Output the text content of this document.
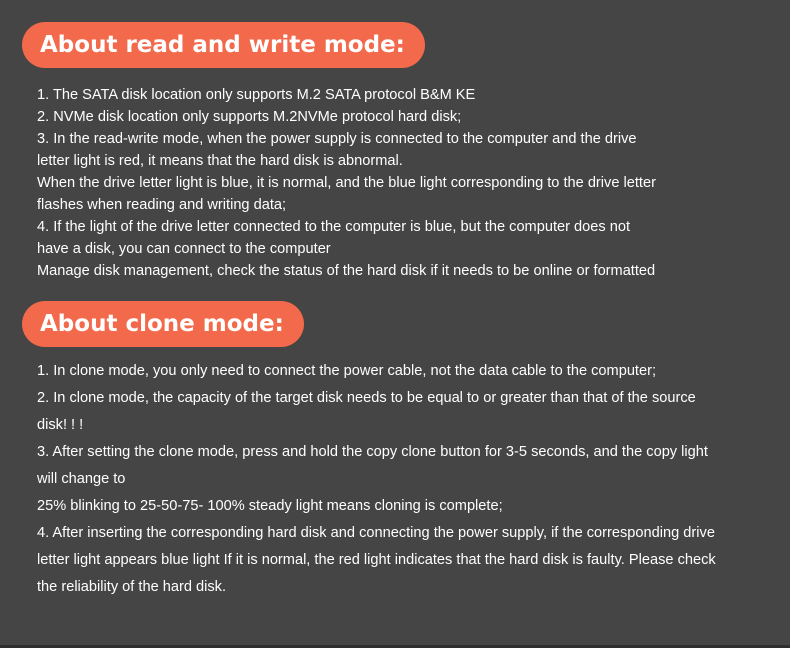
About read and write mode:
1. The SATA disk location only supports M.2 SATA protocol B&M KE
2. NVMe disk location only supports M.2NVMe protocol hard disk;
3. In the read-write mode, when the power supply is connected to the computer and the drive
letter light is red, it means that the hard disk is abnormal.
When the drive letter light is blue, it is normal, and the blue light corresponding to the drive letter
flashes when reading and writing data;
4. If the light of the drive letter connected to the computer is blue, but the computer does not
have a disk, you can connect to the computer
Manage disk management, check the status of the hard disk if it needs to be online or formatted
About clone mode:
1. In clone mode, you only need to connect the power cable, not the data cable to the computer;
2. In clone mode, the capacity of the target disk needs to be equal to or greater than that of the source
disk! ! !
3. After setting the clone mode, press and hold the copy clone button for 3-5 seconds, and the copy light
will change to
25% blinking to 25-50-75- 100% steady light means cloning is complete;
4. After inserting the corresponding hard disk and connecting the power supply, if the corresponding drive
letter light appears blue light If it is normal, the red light indicates that the hard disk is faulty. Please check
the reliability of the hard disk.
